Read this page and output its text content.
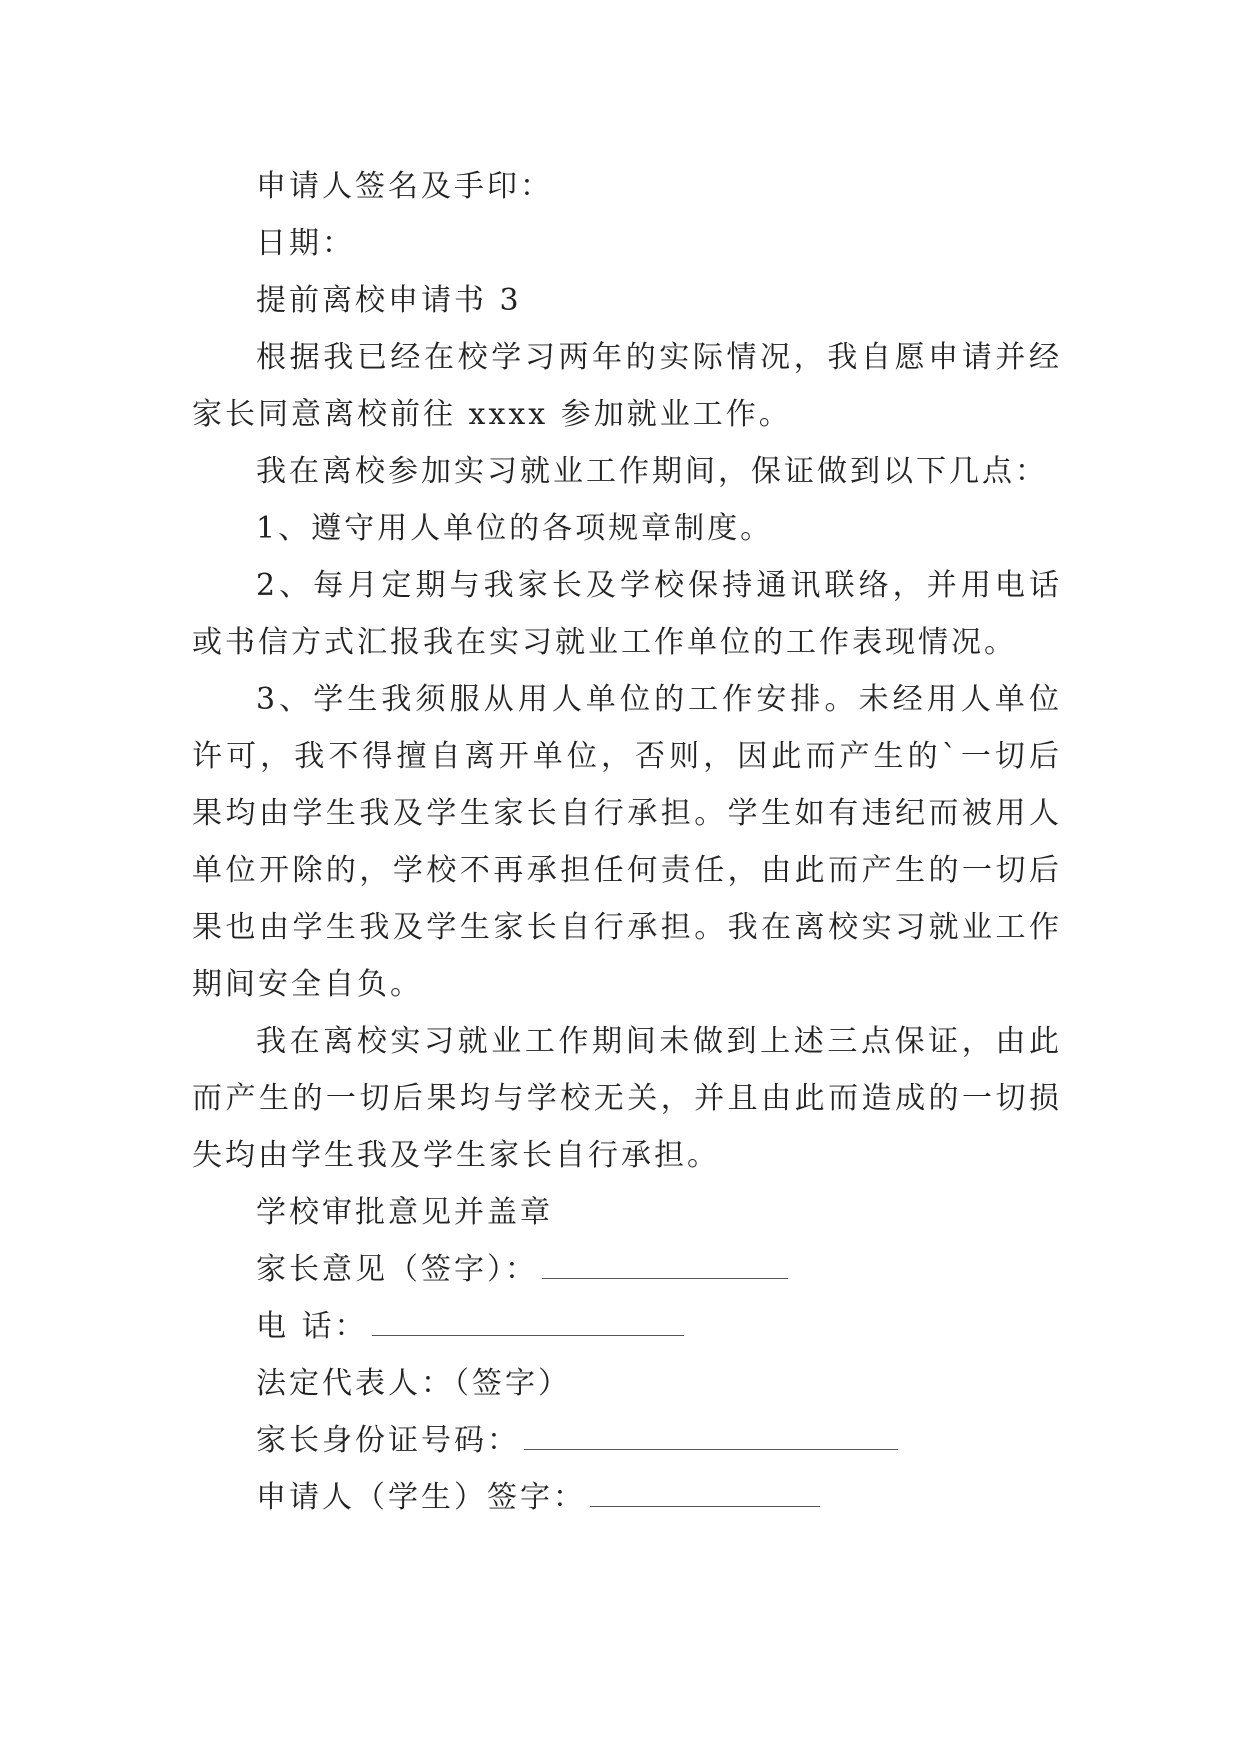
申请人签名及手印：

日期：

提前离校申请书 3

根据我已经在校学习两年的实际情况，我自愿申请并经家长同意离校前往 xxxx 参加就业工作。

我在离校参加实习就业工作期间，保证做到以下几点：

1、遵守用人单位的各项规章制度。

2、每月定期与我家长及学校保持通讯联络，并用电话或书信方式汇报我在实习就业工作单位的工作表现情况。

3、学生我须服从用人单位的工作安排。未经用人单位许可，我不得擅自离开单位，否则，因此而产生的`一切后果均由学生我及学生家长自行承担。学生如有违纪而被用人单位开除的，学校不再承担任何责任，由此而产生的一切后果也由学生我及学生家长自行承担。我在离校实习就业工作期间安全自负。

我在离校实习就业工作期间未做到上述三点保证，由此而产生的一切后果均与学校无关，并且由此而造成的一切损失均由学生我及学生家长自行承担。

学校审批意见并盖章

家长意见（签字）：

电 话：

法定代表人：（签字）

家长身份证号码：

申请人（学生）签字：
